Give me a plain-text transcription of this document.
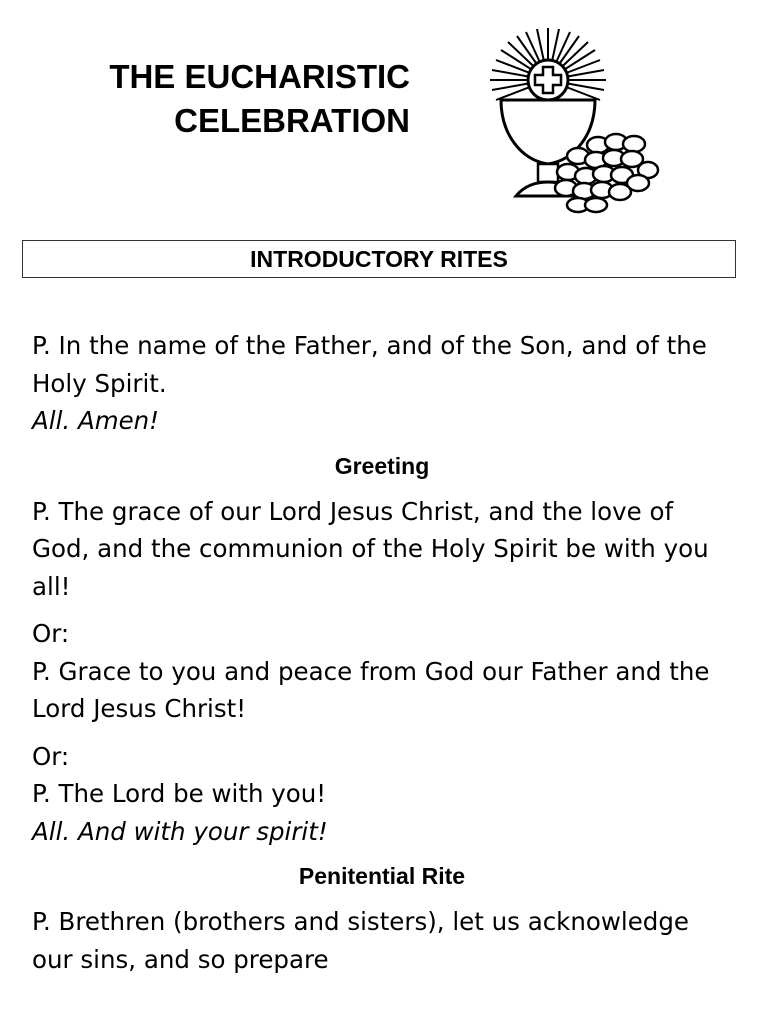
THE EUCHARISTIC
CELEBRATION
INTRODUCTORY RITES

P. In the name of the Father, and of the Son, and of the Holy Spirit.

All. Amen!

Greeting

P. The grace of our Lord Jesus Christ, and the love of God, and the communion of the Holy Spirit be with you all!

Or:

P. Grace to you and peace from God our Father and the Lord Jesus Christ!

Or:

P. The Lord be with you!

All. And with your spirit!

Penitential Rite

P. Brethren (brothers and sisters), let us acknowledge our sins, and so prepare
